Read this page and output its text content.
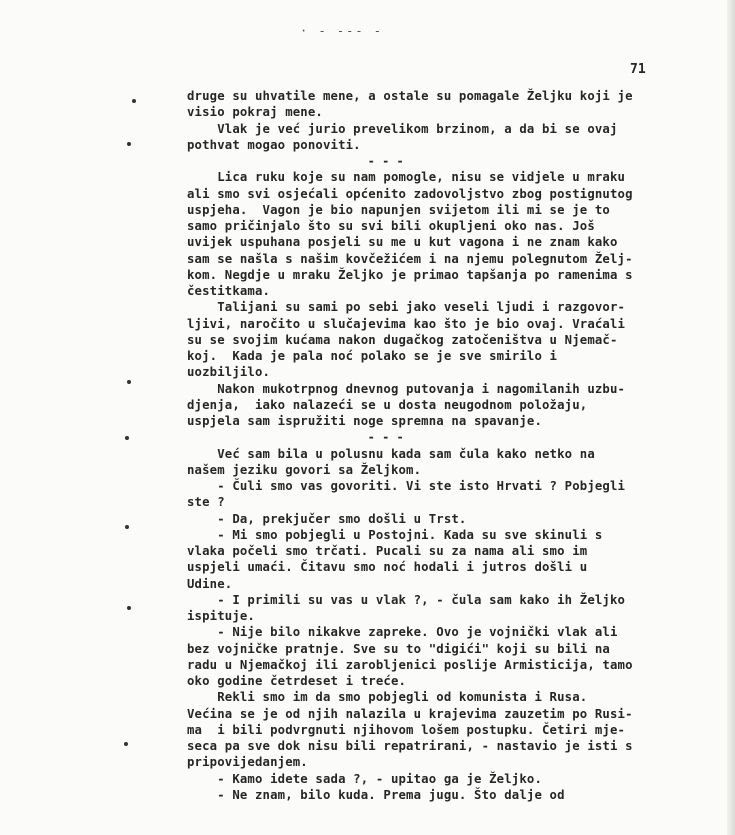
· - --- -
71
druge su uhvatile mene, a ostale su pomagale Željku koji je
visio pokraj mene.
Vlak je već jurio prevelikom brzinom, a da bi se ovaj
pothvat mogao ponoviti.
- - -
Lica ruku koje su nam pomogle, nisu se vidjele u mraku
ali smo svi osjećali općenito zadovoljstvo zbog postignutog
uspjeha.  Vagon je bio napunjen svijetom ili mi se je to
samo pričinjalo što su svi bili okupljeni oko nas. Još
uvijek uspuhana posjeli su me u kut vagona i ne znam kako
sam se našla s našim kovčežićem i na njemu polegnutom Želj-
kom. Negdje u mraku Željko je primao tapšanja po ramenima s
čestitkama.
Talijani su sami po sebi jako veseli ljudi i razgovor-
ljivi, naročito u slučajevima kao što je bio ovaj. Vraćali
su se svojim kućama nakon dugačkog zatočeništva u Njemač-
koj.  Kada je pala noć polako se je sve smirilo i
uozbiljilo.
Nakon mukotrpnog dnevnog putovanja i nagomilanih uzbu-
djenja,  iako nalazeći se u dosta neugodnom položaju,
uspjela sam ispružiti noge spremna na spavanje.
- - -
Već sam bila u polusnu kada sam čula kako netko na
našem jeziku govori sa Željkom.
- Čuli smo vas govoriti. Vi ste isto Hrvati ? Pobjegli
ste ?
- Da, prekjučer smo došli u Trst.
- Mi smo pobjegli u Postojni. Kada su sve skinuli s
vlaka počeli smo trčati. Pucali su za nama ali smo im
uspjeli umaći. Čitavu smo noć hodali i jutros došli u
Udine.
- I primili su vas u vlak ?, - čula sam kako ih Željko
ispituje.
- Nije bilo nikakve zapreke. Ovo je vojnički vlak ali
bez vojničke pratnje. Sve su to "digići" koji su bili na
radu u Njemačkoj ili zarobljenici poslije Armisticija, tamo
oko godine četrdeset i treće.
Rekli smo im da smo pobjegli od komunista i Rusa.
Većina se je od njih nalazila u krajevima zauzetim po Rusi-
ma  i bili podvrgnuti njihovom lošem postupku. Četiri mje-
seca pa sve dok nisu bili repatrirani, - nastavio je isti s
pripovijedanjem.
- Kamo idete sada ?, - upitao ga je Željko.
- Ne znam, bilo kuda. Prema jugu. Što dalje od
